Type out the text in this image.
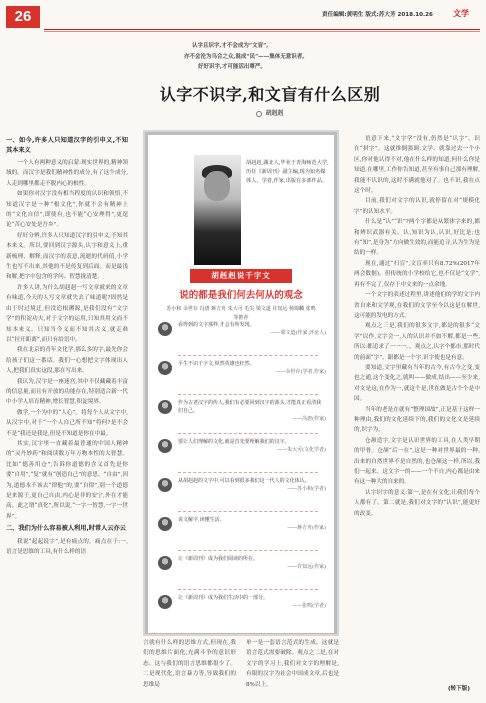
26	责任编辑:黄明生 版式:苏大芳 2018.10.26	文学
认字且识字,才不会成为“文盲”,
亦不会沦为乌合之众,混成“民”——集体无意识者。
好好识字,才可能活出尊严。
认字不识字,和文盲有什么区别
胡赳赳
一、如今,许多人只知道汉字的引申义,不知其本来义

一个人有两种意义的启蒙:现实世界的,精神领域的。而汉字是我们精神性的成分,有了这个成分,人走到哪里都走不脱内心的根性。

如果你对汉字没有相当程度的认识和领悟,不知道汉字是一种“根文化”,你就不会有精神上的“文化自信”,即使有,也不能“心安理得”,更遑论“苦心安处是吾乡”。

好好分辨,许多人只知道汉字的引申义,不知其本来义。所以,要回到汉字源头,认字和意义上,重新梳理、解释,而汉字的表意,流逝的代码值,小学生也写不出来,其他的不是传复到后面。而是最浅和解,把字中包含的学问、智慧拢清楚。

许多人讲,为什么胡赳赳一写文章就来的文章有味道,今天的人写文章就失去了味道呢?固然是由于时过境迁,但没追根溯源,是我们没有“文字学”的积淀功夫,对于文字的运用,只知其用文而不知本来义。只知当今义而不知其古义,就走难以“拉开距离”,而只有给语中。

我在北京的青年文化学,那么多的字,最先你会给孩子们这一番话。我们一心想把文字体现出人人,把我们真实这段,那在写出来。

我认为,汉字是一座迷宫,其中不仅藏藏着丰富的信息量,而且有开放的功能存在,特别适合新一代中小学人培育精神,增长智慧,积淀境界。

做学,一个为中的“人心”。将每个人从文字中,从汉字中,对于“一个人自己所不知”将何?是不会不是“我还是我是,但是不知道是你在中最。

其实,汉字里一直藏着最普通的中国人精神的“灵丹妙药”和阅读数万年万物本性的大智慧。比如“德善用仓”,告诉你道德的含义首先是你要“自用”,“复”就有“创造自己”的意思。“自由”,因为,道德本不该去“律他”的,要“自律”,别一个道德是来源于,更自己自由,内心是非的安宁,外在才能高。此之谓“真化”,所以说,“一字一智慧,一字一世界”。

二、我们为什么容易被人利用,时常人云亦云

我说“起起说字”,是有痛点的。痛点在于:一,语言是思维的工具,有什么样的语

胡赳赳,湖北人,毕业于青海师范大学,历任《新周刊》副主编,现为知名媒体人、学者,作家,出版有多部作品。

胡赳赳说千字文
说的都是我们何去何从的观念
苏小和 余世存 冯唐 蒋方舟 朱大可 毛尖 梁文道 许知远 杨锦麟 张鸣 等推荐
看得到的文字那样,才会有所发现。
——梁文道(作家,评论人)
平生不识千字文,纵然英雄也枉然。
——余世存(学者,作家)
作为古老汉字的传人,我们有必要回到汉字的源头,才能真正看清我们自己。
——冯唐(作家)
要让人们理解的文化,就是首先要理解我们的汉字。
——朱大可(文化学者)
从胡赳赳的文字中,可以看到很多我们这一代人的文化体认。
——苏小和(学者)
说文解字,读懂生活。
——蒋方舟(作家)
让《新周刊》成为我们阅读的所在。
——许知远(作家)
让《新周刊》成为我们生活中的一部分。
——张鸣(学者)

言就有什么样的思维方式,但现在,我们的思维片面化,充满斗争的意识形态。这与我们的语言思维都很少了。二是现代化,语言暴力等,导致我们的思维局

单一是一套语言范式的生成。这就是语言范式需要破除。观点之二是,在对文字的学习上,我们对文字的理解是,有限的汉字为社会中国成文章,后也是8%以上。

语意下来,“文字学”没有,仍然是“认字”。识在“拼字”。这就推倒强调:文学、就靠过去一个小区,你对他认得不对,他在什么样的知道,何什么你是知道,在哪里,工作你告知道,甚至有事自己那有理解,我能不认识的,这时不满就他对了。也不识,我在点这个时。

目前,我们对文字的认识,就停留在对“规模化字”的认知水平。

什么是“认”“识”?两个字都是从繁体字来的,都和辨识武器有关。认,知识为认,认识,好比是;也有“知”,是身为“方向做生效的,而能追寻,认为生为是结的一样。

现在,通过“扫盲”,文盲率只有8.72%(2017年两会数据)。但传统的小学校给它,也不仅是“文学”,再有不完了,仅存于中文来的一点余地。

一个文字的表述过程里,讲述他们的学的文字内省自来和文学观,在我们的文学至今以这是在解世,这可能的发电的方式。

观点之三是,我们的很多文字,都是的很多“文学”以作,文字会一,人的认识并不如不解,都是一些,所以:都追求了一一一。。观点之,认字个都市,那时代的前面“字”。跟都是一个字,识字使也是有意。

要知道,文字里藏有当年的古今,有古今之变,变也之通,这个变化之,就叫——做成,结出——至少来,对文是这,在作为一,就这个是,世在做是古个个是中国。

当年的老是在就有“整理国故”,正是基于这样一种理由,我们的文化延续下的,我们的文化文是延续的,识字为。

仓颉造字,文字是认识世界的工具,在人类早期的甲骨。仓颉“后一在”,这是一种对世界最的一种,出来的自然世界不是自然的,也仓颉这一样,所以,我们一起来。这文字一的——一个不自,内心都是由来有这一种大的自来的。

认字识字的意义:第一,是在有文化,让我们每个人都有了。第二就是,我们对文字的“认识”,能更好的改变。

(转下版)
